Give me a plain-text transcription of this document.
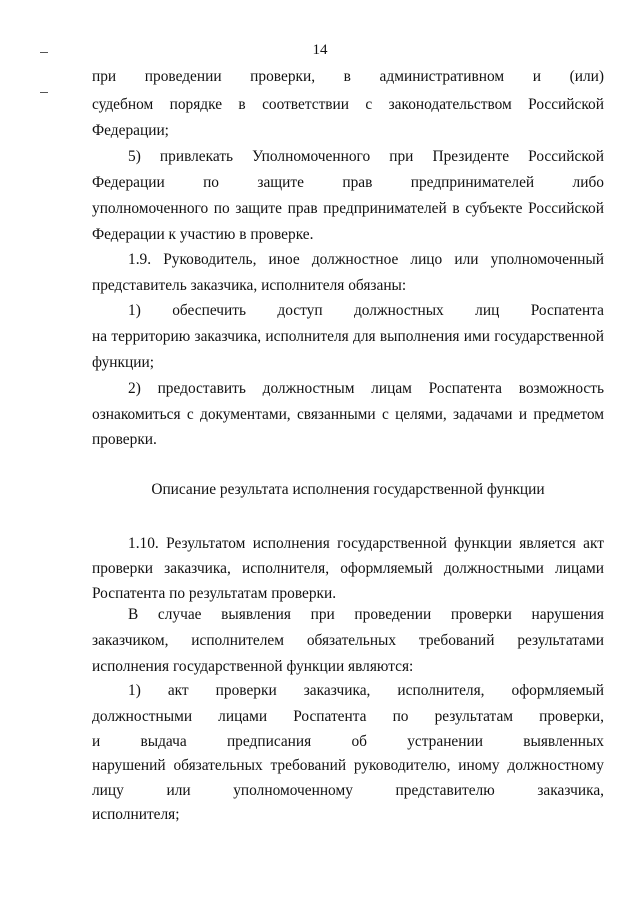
14
при проведении проверки, в административном и (или)
судебном порядке в соответствии с законодательством Российской
Федерации;
5) привлекать Уполномоченного при Президенте Российской
Федерации по защите прав предпринимателей либо
уполномоченного по защите прав предпринимателей в субъекте Российской
Федерации к участию в проверке.
1.9. Руководитель, иное должностное лицо или уполномоченный
представитель заказчика, исполнителя обязаны:
1) обеспечить доступ должностных лиц Роспатента
на территорию заказчика, исполнителя для выполнения ими государственной
функции;
2) предоставить должностным лицам Роспатента возможность
ознакомиться с документами, связанными с целями, задачами и предметом
проверки.
Описание результата исполнения государственной функции
1.10. Результатом исполнения государственной функции является акт
проверки заказчика, исполнителя, оформляемый должностными лицами
Роспатента по результатам проверки.
В случае выявления при проведении проверки нарушения
заказчиком, исполнителем обязательных требований результатами
исполнения государственной функции являются:
1) акт проверки заказчика, исполнителя, оформляемый
должностными лицами Роспатента по результатам проверки,
и выдача предписания об устранении выявленных
нарушений обязательных требований руководителю, иному должностному
лицу или уполномоченному представителю заказчика,
исполнителя;
